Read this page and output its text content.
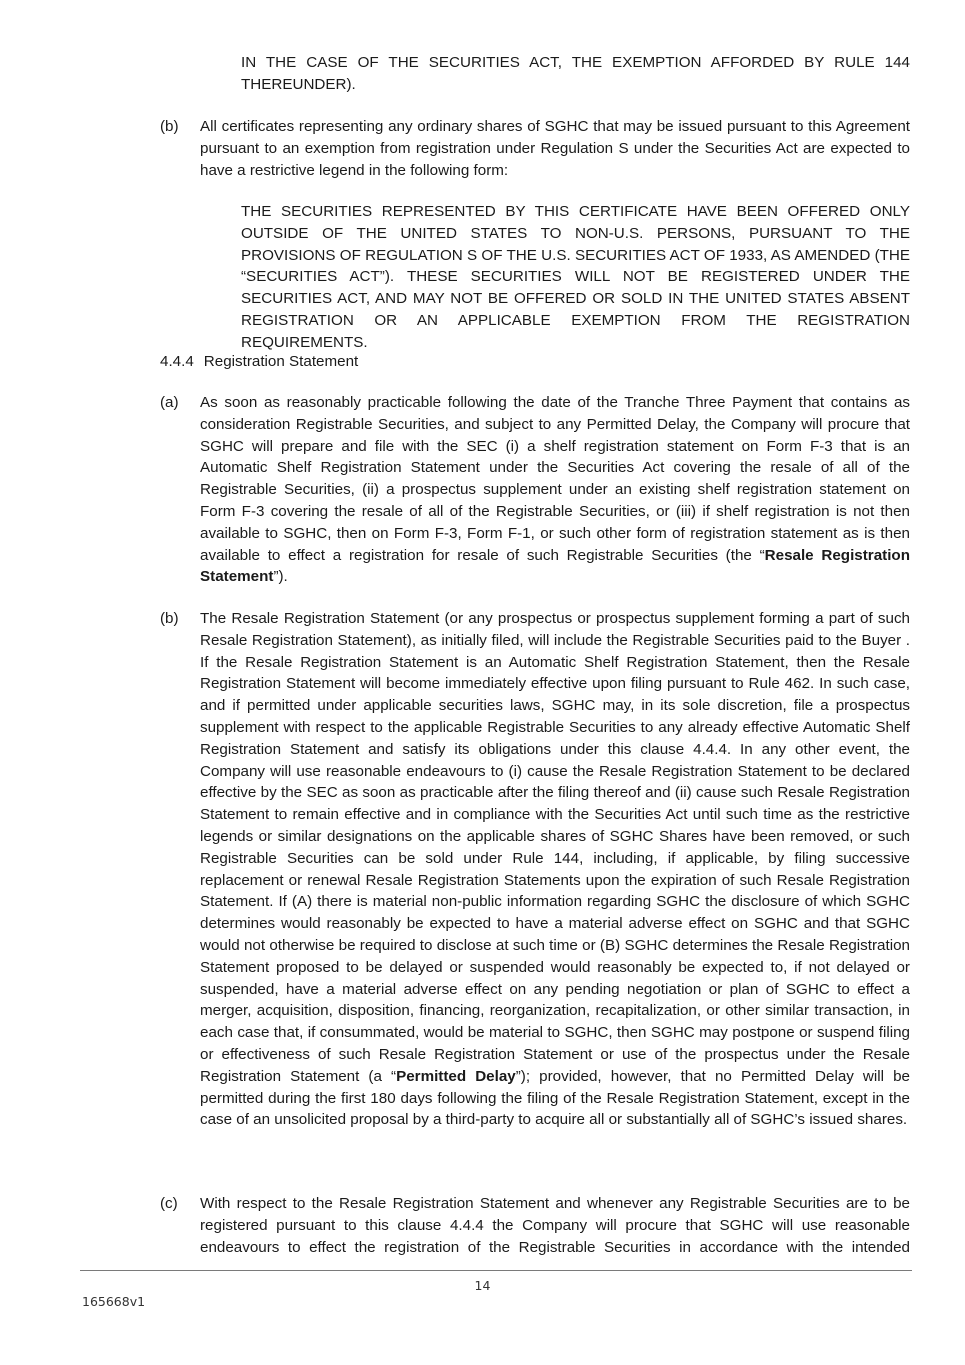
IN THE CASE OF THE SECURITIES ACT, THE EXEMPTION AFFORDED BY RULE 144 THEREUNDER).
(b) All certificates representing any ordinary shares of SGHC that may be issued pursuant to this Agreement pursuant to an exemption from registration under Regulation S under the Securities Act are expected to have a restrictive legend in the following form:
THE SECURITIES REPRESENTED BY THIS CERTIFICATE HAVE BEEN OFFERED ONLY OUTSIDE OF THE UNITED STATES TO NON-U.S. PERSONS, PURSUANT TO THE PROVISIONS OF REGULATION S OF THE U.S. SECURITIES ACT OF 1933, AS AMENDED (THE “SECURITIES ACT”). THESE SECURITIES WILL NOT BE REGISTERED UNDER THE SECURITIES ACT, AND MAY NOT BE OFFERED OR SOLD IN THE UNITED STATES ABSENT REGISTRATION OR AN APPLICABLE EXEMPTION FROM THE REGISTRATION REQUIREMENTS.
4.4.4 Registration Statement
(a) As soon as reasonably practicable following the date of the Tranche Three Payment that contains as consideration Registrable Securities, and subject to any Permitted Delay, the Company will procure that SGHC will prepare and file with the SEC (i) a shelf registration statement on Form F-3 that is an Automatic Shelf Registration Statement under the Securities Act covering the resale of all of the Registrable Securities, (ii) a prospectus supplement under an existing shelf registration statement on Form F-3 covering the resale of all of the Registrable Securities, or (iii) if shelf registration is not then available to SGHC, then on Form F-3, Form F-1, or such other form of registration statement as is then available to effect a registration for resale of such Registrable Securities (the “Resale Registration Statement”).
(b) The Resale Registration Statement (or any prospectus or prospectus supplement forming a part of such Resale Registration Statement), as initially filed, will include the Registrable Securities paid to the Buyer . If the Resale Registration Statement is an Automatic Shelf Registration Statement, then the Resale Registration Statement will become immediately effective upon filing pursuant to Rule 462. In such case, and if permitted under applicable securities laws, SGHC may, in its sole discretion, file a prospectus supplement with respect to the applicable Registrable Securities to any already effective Automatic Shelf Registration Statement and satisfy its obligations under this clause 4.4.4. In any other event, the Company will use reasonable endeavours to (i) cause the Resale Registration Statement to be declared effective by the SEC as soon as practicable after the filing thereof and (ii) cause such Resale Registration Statement to remain effective and in compliance with the Securities Act until such time as the restrictive legends or similar designations on the applicable shares of SGHC Shares have been removed, or such Registrable Securities can be sold under Rule 144, including, if applicable, by filing successive replacement or renewal Resale Registration Statements upon the expiration of such Resale Registration Statement. If (A) there is material non-public information regarding SGHC the disclosure of which SGHC determines would reasonably be expected to have a material adverse effect on SGHC and that SGHC would not otherwise be required to disclose at such time or (B) SGHC determines the Resale Registration Statement proposed to be delayed or suspended would reasonably be expected to, if not delayed or suspended, have a material adverse effect on any pending negotiation or plan of SGHC to effect a merger, acquisition, disposition, financing, reorganization, recapitalization, or other similar transaction, in each case that, if consummated, would be material to SGHC, then SGHC may postpone or suspend filing or effectiveness of such Resale Registration Statement or use of the prospectus under the Resale Registration Statement (a “Permitted Delay”); provided, however, that no Permitted Delay will be permitted during the first 180 days following the filing of the Resale Registration Statement, except in the case of an unsolicited proposal by a third-party to acquire all or substantially all of SGHC’s issued shares.
(c) With respect to the Resale Registration Statement and whenever any Registrable Securities are to be registered pursuant to this clause 4.4.4 the Company will procure that SGHC will use reasonable endeavours to effect the registration of the Registrable Securities in accordance with the intended
14
165668v1
